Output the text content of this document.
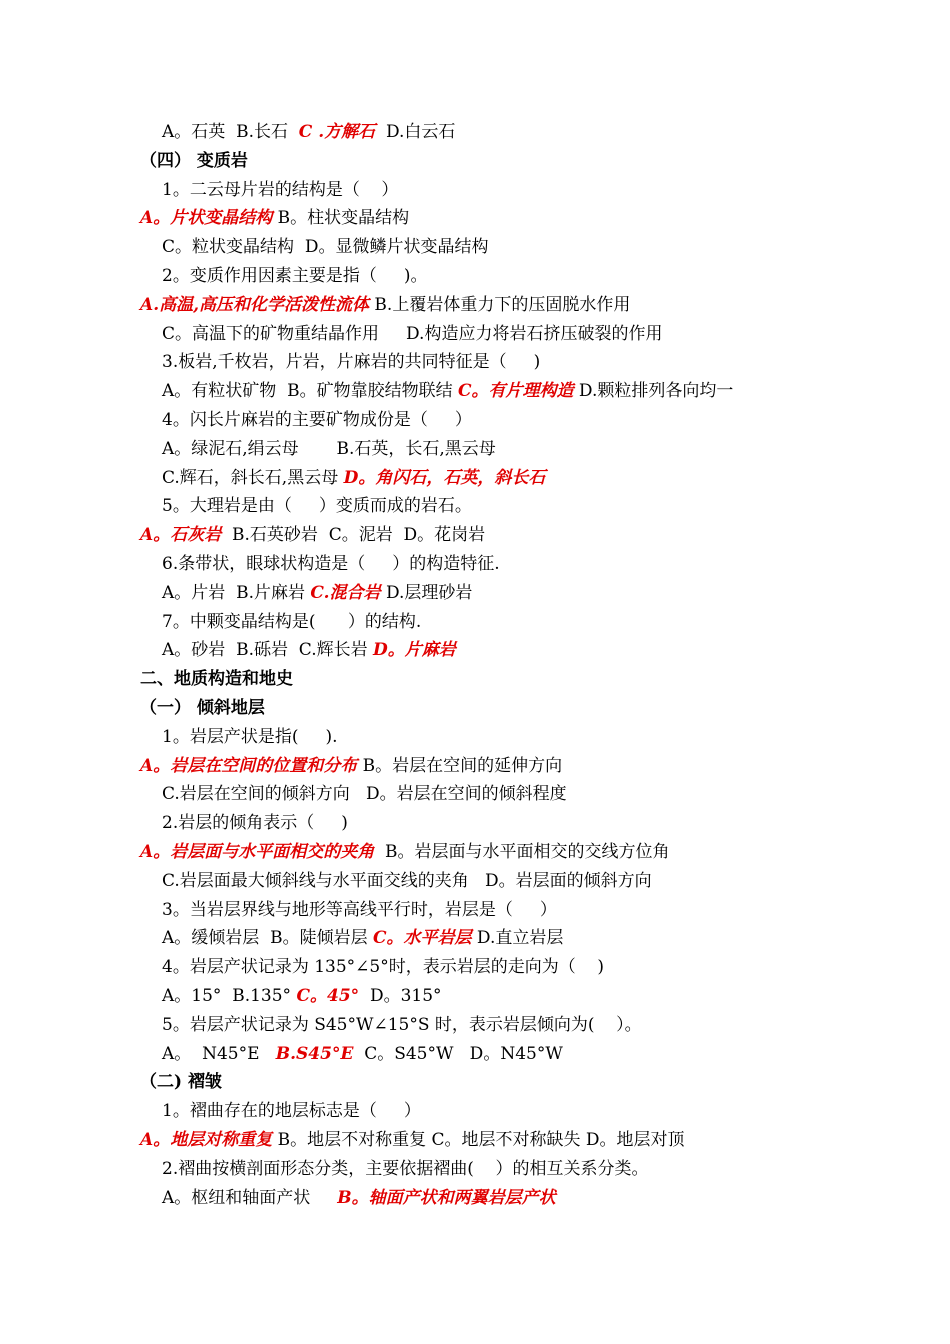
A。石英  B.长石  C .方解石  D.白云石
（四） 变质岩
1。二云母片岩的结构是（    ）
A。片状变晶结构 B。柱状变晶结构
C。粒状变晶结构  D。显微鳞片状变晶结构
2。变质作用因素主要是指（     )。
A.高温,高压和化学活泼性流体 B.上覆岩体重力下的压固脱水作用
C。高温下的矿物重结晶作用     D.构造应力将岩石挤压破裂的作用
3.板岩,千枚岩，片岩，片麻岩的共同特征是（     )
A。有粒状矿物  B。矿物靠胶结物联结 C。有片理构造 D.颗粒排列各向均一
4。闪长片麻岩的主要矿物成份是（     ）
A。绿泥石,绢云母       B.石英，长石,黑云母
C.辉石，斜长石,黑云母 D。角闪石，石英，斜长石
5。大理岩是由（     ）变质而成的岩石。
A。石灰岩  B.石英砂岩  C。泥岩  D。花岗岩
6.条带状，眼球状构造是（     ）的构造特征.
A。片岩  B.片麻岩 C.混合岩 D.层理砂岩
7。中颗变晶结构是(      ）的结构.
A。砂岩  B.砾岩  C.辉长岩 D。片麻岩
二、地质构造和地史
（一） 倾斜地层
1。岩层产状是指(     ).
A。岩层在空间的位置和分布 B。岩层在空间的延伸方向
C.岩层在空间的倾斜方向   D。岩层在空间的倾斜程度
2.岩层的倾角表示（     )
A。岩层面与水平面相交的夹角  B。岩层面与水平面相交的交线方位角
C.岩层面最大倾斜线与水平面交线的夹角   D。岩层面的倾斜方向
3。当岩层界线与地形等高线平行时，岩层是（     ）
A。缓倾岩层  B。陡倾岩层 C。水平岩层 D.直立岩层
4。岩层产状记录为 135°∠5°时，表示岩层的走向为（    )
A。15°  B.135° C。45°  D。315°
5。岩层产状记录为 S45°W∠15°S 时，表示岩层倾向为(    ）。
A。  N45°E   B.S45°E  C。S45°W   D。N45°W
（二) 褶皱
1。褶曲存在的地层标志是（     ）
A。地层对称重复 B。地层不对称重复 C。地层不对称缺失 D。地层对顶
2.褶曲按横剖面形态分类，主要依据褶曲(    ）的相互关系分类。
A。枢纽和轴面产状     B。轴面产状和两翼岩层产状
